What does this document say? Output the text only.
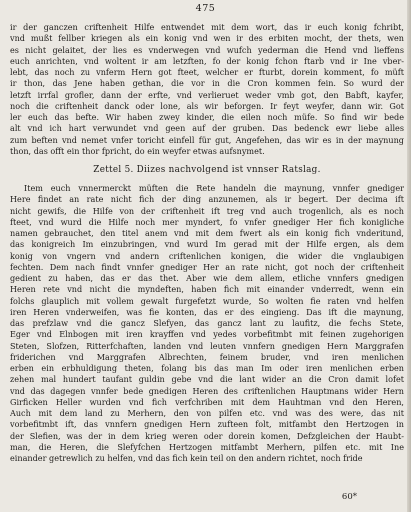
475
ir der ganczen criftenheit Hilfe entwendet mit dem wort, das ir euch konig fchribt,
vnd mußt fellber kriegen als ein konig vnd wen ir des erbiten mocht, der thets, wen
es nicht gelaitet, der lies es vnderwegen vnd wufch yederman die Hend vnd lieffens
euch anrichten, vnd woltent ir am letzften, fo der konig fchon ftarb vnd ir Ine vber-
lebt, das noch zu vnferm Hern got fteet, welcher er fturbt, dorein komment, fo müft
ir thon, das Jene haben gethan, die vor in die Cron kommen fein. So wurd der
letzft irrfal grofler, dann der erfte, vnd verlieruet weder vmb got, den Babft, kayfer,
noch die criftenheit danck oder lone, als wir beforgen. Ir feyt weyfer, dann wir. Got
ler euch das befte. Wir haben zwey kinder, die eilen noch müfe. So find wir bede
alt vnd ich hart verwundet vnd geen auf der gruben. Das bedenck ewr liebe alles
zum beften vnd nemet vnfer toricht einfell für gut, Angefehen, das wir es in der maynung
thon, das offt ein thor fpricht, do ein weyfer etwas aufsnymet.
Zettel 5. Diizes nachvolgend ist vnnser Ratslag.
Item euch vnnermerckt müften die Rete handeln die maynung, vnnfer gnediger
Here findet an rate nicht fich der ding anzunemen, als ir begert. Der decima ift
nicht gewifs, die Hilfe von der criftenheit ift treg vnd auch trogenlich, als es noch
fteet, vnd wurd die Hilfe noch mer myndert, fo vnfer gnediger Her fich konigliche
namen gebrauchet, den titel anem vnd mit dem fwert als ein konig fich vnderitund,
das konigreich Im einzubringen, vnd wurd Im gerad mit der Hilfe ergen, als dem
konig von vngern vnd andern criftenlichen konigen, die wider die vnglaubigen
fechten. Dem nach findt vnnfer gnediger Her an rate nicht, got noch der criftenheit
gedient zu haben, das er das thet. Aber wie dem allem, etliche vnnfers gnedigen
Heren rete vnd nicht die myndeften, haben fich mit einander vnderredt, wenn ein
folchs glauplich mit vollem gewalt furgefetzt wurde, So wolten fie raten vnd helfen
iren Heren vnderweifen, was fie konten, das er des eingieng. Das ift die maynung,
das prefzlaw vnd die gancz Slefyen, das gancz lant zu laufitz, die fechs Stete,
Eger vnd Elnbogen mit iren krayffen vnd yedes vorbefitmbt mit feinen zugehorigen
Steten, Slofzen, Ritterfchaften, landen vnd leuten vnnfern gnedigen Hern Marggrafen
friderichen vnd Marggrafen Albrechten, feinem bruder, vnd iren menlichen
erben ein erbhuldigung theten, folang bis das man Im oder iren menlichen erben
zehen mal hundert taufant guldin gebe vnd die lant wider an die Cron damit lofet
vnd das dagegen vnnfer bede gnedigen Heren des criftenlichen Hauptmans wider Hern
Girficken Heller wurden vnd fich verfchriben mit dem Hauhtman vnd den Heren,
Auch mit dem land zu Merhern, den von pilfen etc. vnd was des were, das nit
vorbefitmbt ift, das vnnfern gnedigen Hern zufteen folt, mitfambt den Hertzogen in
der Slefien, was der in dem krieg weren oder dorein komen, Defzgleichen der Haubt-
man, die Heren, die Slefyfchen Hertzogen mitfambt Merhern, pilfen etc. mit Ine
einander getrewlich zu helfen, vnd das fich kein teil on den andern richtet, noch fride
60*
